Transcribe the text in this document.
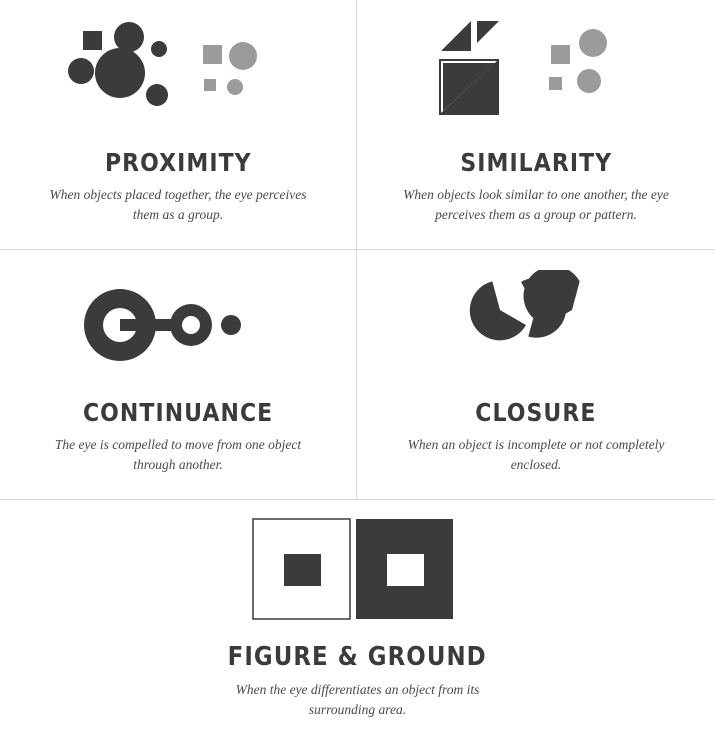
PROXIMITY
When objects placed together, the eye perceives them as a group.
SIMILARITY
When objects look similar to one another, the eye perceives them as a group or pattern.
CONTINUANCE
The eye is compelled to move from one object through another.
CLOSURE
When an object is incomplete or not completely enclosed.
FIGURE & GROUND
When the eye differentiates an object from its surrounding area.
